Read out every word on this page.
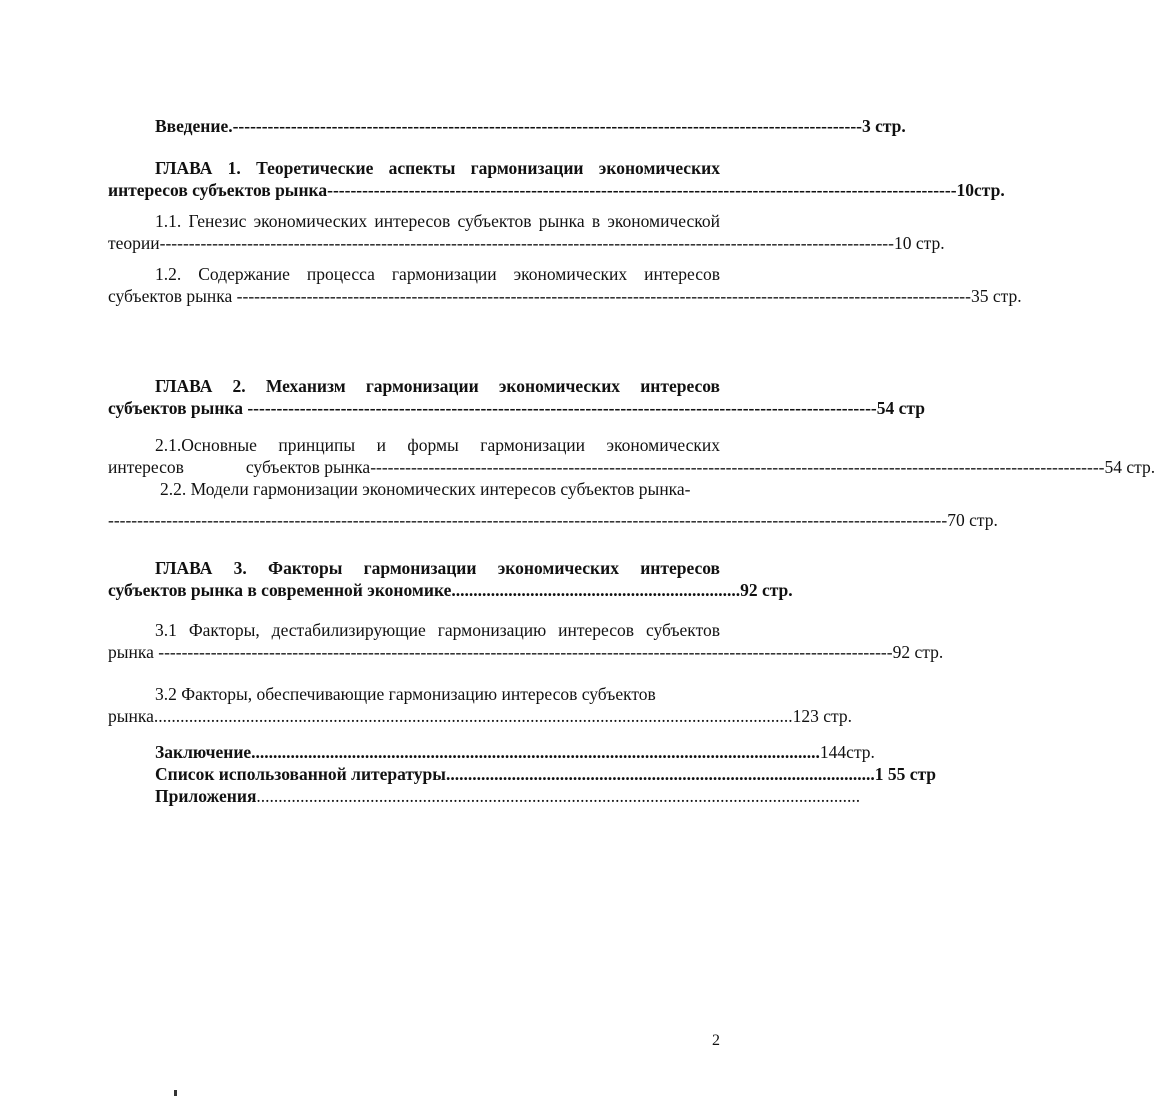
Введение. ------------------------------------------------------------------------------------------------------------ 3 стр.
ГЛАВА 1. Теоретические аспекты гармонизации экономических
интересов субъектов рынка ------------------------------------------------------------------------------------------------------------ 10стр.
1.1. Генезис экономических интересов субъектов рынка в экономической
теории ------------------------------------------------------------------------------------------------------------------------------ 10 стр.
1.2. Содержание процесса гармонизации экономических интересов
субъектов рынка ------------------------------------------------------------------------------------------------------------------------------ 35 стр.
ГЛАВА 2. Механизм гармонизации экономических интересов
субъектов рынка ------------------------------------------------------------------------------------------------------------ 54 стр
2.1.Основные принципы и формы гармонизации экономических
интересов	субъектов рынка ------------------------------------------------------------------------------------------------------------------------------ 54 стр.
2.2. Модели гармонизации экономических интересов субъектов рынка-
------------------------------------------------------------------------------------------------------------------------------------------------ 70 стр.
ГЛАВА 3. Факторы гармонизации экономических интересов
субъектов рынка в современной экономике .................................................................. 92 стр.
3.1 Факторы, дестабилизирующие гармонизацию интересов субъектов
рынка ------------------------------------------------------------------------------------------------------------------------------ 92 стр.
3.2 Факторы, обеспечивающие гармонизацию интересов субъектов
рынка .................................................................................................................................................. 123 стр.
Заключение .................................................................................................................................. 144стр.
Список использованной литературы .................................................................................................. 1 55 стр
Приложения ..........................................................................................................................................
2
